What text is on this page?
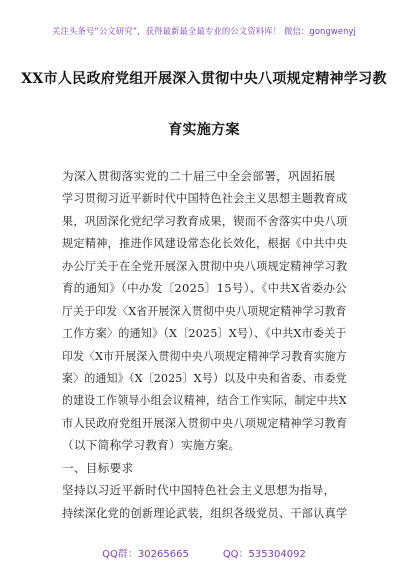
关注头条号“公文研究”，获得最新最全最专业的公文资料库！ 微信：gongwenyj
XX市人民政府党组开展深入贯彻中央八项规定精神学习教
育实施方案
为深入贯彻落实党的二十届三中全会部署，巩固拓展
学习贯彻习近平新时代中国特色社会主义思想主题教育成
果，巩固深化党纪学习教育成果，锲而不舍落实中央八项
规定精神，推进作风建设常态化长效化，根据《中共中央
办公厅关于在全党开展深入贯彻中央八项规定精神学习教
育的通知》（中办发〔2025〕15号）、《中共X省委办公
厅关于印发〈X省开展深入贯彻中央八项规定精神学习教育
工作方案〉的通知》（X〔2025〕X号）、《中共X市委关于
印发〈X市开展深入贯彻中央八项规定精神学习教育实施方
案〉的通知》（X〔2025〕X号）以及中央和省委、市委党
的建设工作领导小组会议精神，结合工作实际，制定中共X
市人民政府党组开展深入贯彻中央八项规定精神学习教育
（以下简称学习教育）实施方案。
一、目标要求
坚持以习近平新时代中国特色社会主义思想为指导，
持续深化党的创新理论武装，组织各级党员、干部认真学
QQ群：30265665	QQ：535304092
